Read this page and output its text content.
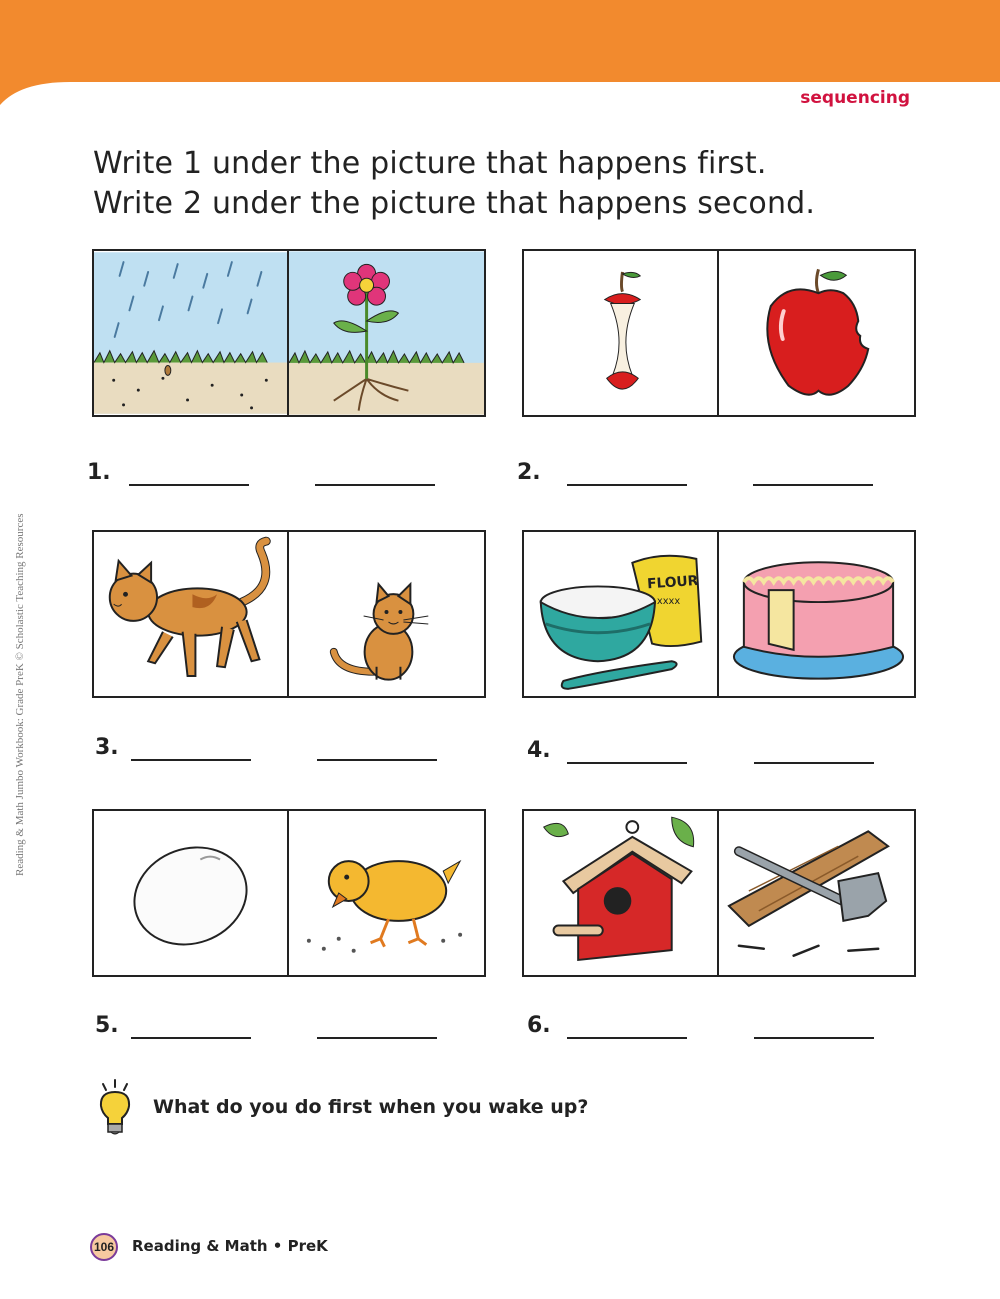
sequencing
Write 1 under the picture that happens first.
Write 2 under the picture that happens second.
Reading & Math Jumbo Workbook: Grade PreK © Scholastic Teaching Resources
1.	2.
3.
FLOUR
xxxx
4.
5.	6.
What do you do first when you wake up?
106 Reading & Math • PreK
